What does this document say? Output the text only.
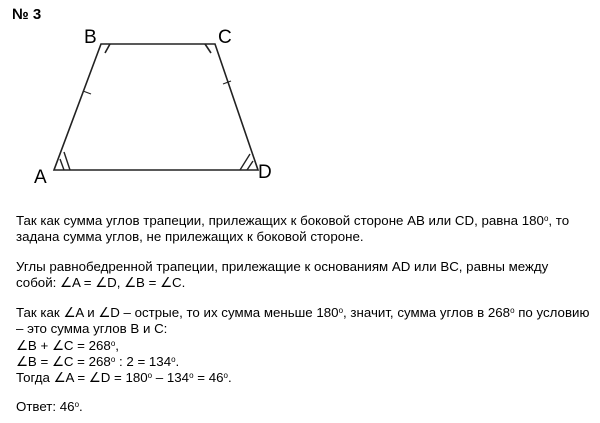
№ 3
B	C
A	D

Так как сумма углов трапеции, прилежащих к боковой стороне AB или CD, равна 180$^o$, то задана сумма углов, не прилежащих к боковой стороне.

Углы равнобедренной трапеции, прилежащие к основаниям AD или BC, равны между

собой: ∠A = ∠D, ∠B = ∠C.

Так как ∠A и ∠D – острые, то их сумма меньше 180$^o$, значит, сумма углов в 268$^o$ по условию

– это сумма углов B и C:

∠B + ∠C = $268^o$,

∠B = ∠C = $268^o$ : $2 = 134^o$.

Тогда ∠A = ∠D = $180^o - 134^o = 46^o$.

Ответ: 46$^o$.
